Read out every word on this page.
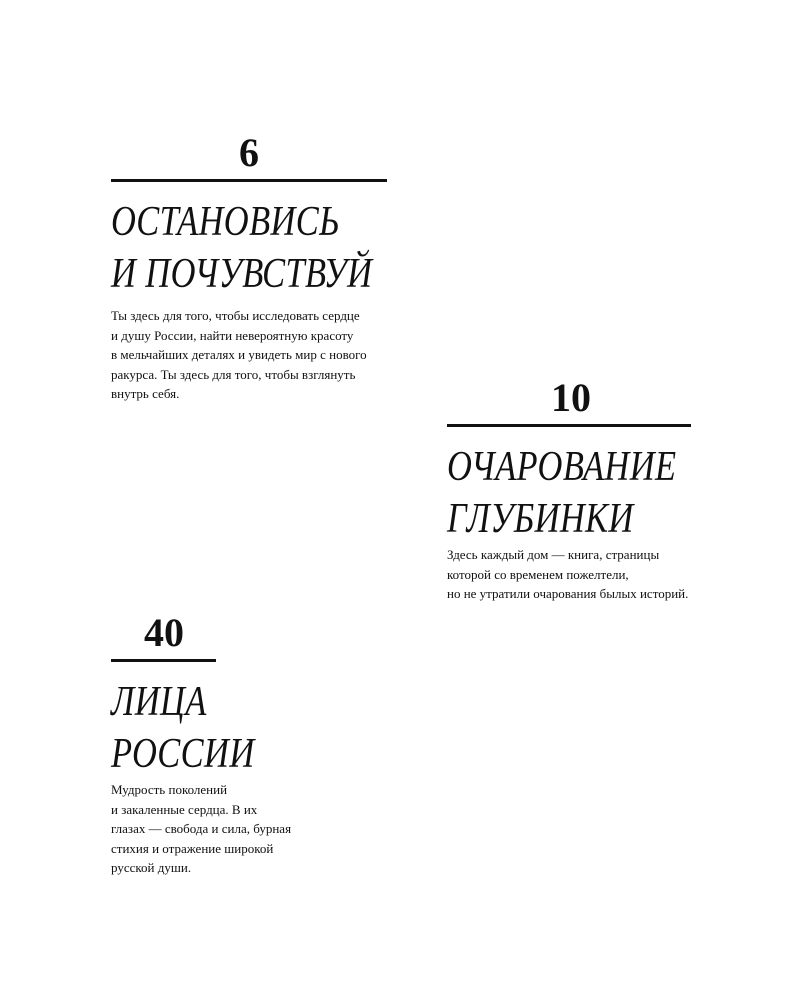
6
ОСТАНОВИСЬ
И ПОЧУВСТВУЙ

Ты здесь для того, чтобы исследовать сердце
и душу России, найти невероятную красоту
в мельчайших деталях и увидеть мир с нового
ракурса. Ты здесь для того, чтобы взглянуть
внутрь себя.	10
ОЧАРОВАНИЕ
ГЛУБИНКИ

Здесь каждый дом — книга, страницы
которой со временем пожелтели,
но не утратили очарования былых историй.

40
ЛИЦА
РОССИИ

Мудрость поколений
и закаленные сердца. В их
глазах — свобода и сила, бурная
стихия и отражение широкой
русской души.
